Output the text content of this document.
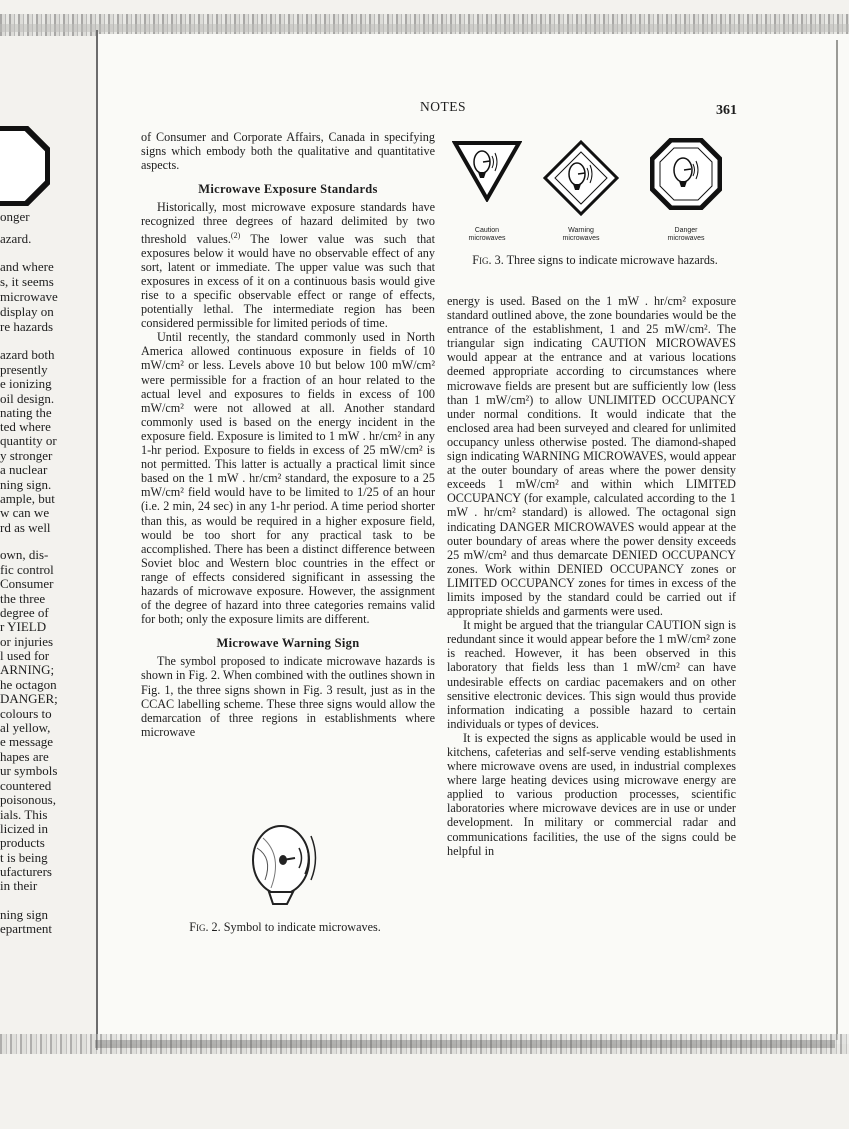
onger
azard.
and where
s, it seems
microwave
display on
re hazards
azard both
presently
e ionizing
oil design.
nating the
ted where
quantity or
y stronger
a nuclear
ning sign.
ample, but
w can we
rd as well
own, dis-
fic control
Consumer
the three
degree of
r YIELD
or injuries
l used for
ARNING;
he octagon
DANGER;
colours to
al yellow,
e message
hapes are
ur symbols
countered
poisonous,
ials. This
licized in
products
t is being
ufacturers
in their
ning sign
epartment
NOTES	361

of Consumer and Corporate Affairs, Canada in specifying signs which embody both the qualitative and quantitative aspects.

Microwave Exposure Standards

Historically, most microwave exposure standards have recognized three degrees of hazard delimited by two threshold values.$^{(2)}$ The lower value was such that exposures below it would have no observable effect of any sort, latent or immediate. The upper value was such that exposures in excess of it on a continuous basis would give rise to a specific observable effect or range of effects, potentially lethal. The intermediate region has been considered permissible for limited periods of time.

Until recently, the standard commonly used in North America allowed continuous exposure in fields of 10 mW/cm² or less. Levels above 10 but below 100 mW/cm² were permissible for a fraction of an hour related to the actual level and exposures to fields in excess of 100 mW/cm² were not allowed at all. Another standard commonly used is based on the energy incident in the exposure field. Exposure is limited to 1 mW . hr/cm² in any 1-hr period. Exposure to fields in excess of 25 mW/cm² is not permitted. This latter is actually a practical limit since based on the 1 mW . hr/cm² standard, the exposure to a 25 mW/cm² field would have to be limited to 1/25 of an hour (i.e. 2 min, 24 sec) in any 1-hr period. A time period shorter than this, as would be required in a higher exposure field, would be too short for any practical task to be accomplished. There has been a distinct difference between Soviet bloc and Western bloc countries in the effect or range of effects considered significant in assessing the hazards of microwave exposure. However, the assignment of the degree of hazard into three categories remains valid for both; only the exposure limits are different.

Microwave Warning Sign

The symbol proposed to indicate microwave hazards is shown in Fig. 2. When combined with the outlines shown in Fig. 1, the three signs shown in Fig. 3 result, just as in the CCAC labelling scheme. These three signs would allow the demarcation of three regions in establishments where microwave

Fig. 2. Symbol to indicate microwaves.
Caution
microwaves
Warning
microwaves
Danger
microwaves
Fig. 3. Three signs to indicate microwave hazards.

energy is used. Based on the 1 mW . hr/cm² exposure standard outlined above, the zone boundaries would be the entrance of the establishment, 1 and 25 mW/cm². The triangular sign indicating CAUTION MICROWAVES would appear at the entrance and at various locations deemed appropriate according to circumstances where microwave fields are present but are sufficiently low (less than 1 mW/cm²) to allow UNLIMITED OCCUPANCY under normal conditions. It would indicate that the enclosed area had been surveyed and cleared for unlimited occupancy unless otherwise posted. The diamond-shaped sign indicating WARNING MICROWAVES, would appear at the outer boundary of areas where the power density exceeds 1 mW/cm² and within which LIMITED OCCUPANCY (for example, calculated according to the 1 mW . hr/cm² standard) is allowed. The octagonal sign indicating DANGER MICROWAVES would appear at the outer boundary of areas where the power density exceeds 25 mW/cm² and thus demarcate DENIED OCCUPANCY zones. Work within DENIED OCCUPANCY zones or LIMITED OCCUPANCY zones for times in excess of the limits imposed by the standard could be carried out if appropriate shields and garments were used.

It might be argued that the triangular CAUTION sign is redundant since it would appear before the 1 mW/cm² zone is reached. However, it has been observed in this laboratory that fields less than 1 mW/cm² can have undesirable effects on cardiac pacemakers and on other sensitive electronic devices. This sign would thus provide information indicating a possible hazard to certain individuals or types of devices.

It is expected the signs as applicable would be used in kitchens, cafeterias and self-serve vending establishments where microwave ovens are used, in industrial complexes where large heating devices using microwave energy are applied to various production processes, scientific laboratories where microwave devices are in use or under development. In military or commercial radar and communications facilities, the use of the signs could be helpful in
